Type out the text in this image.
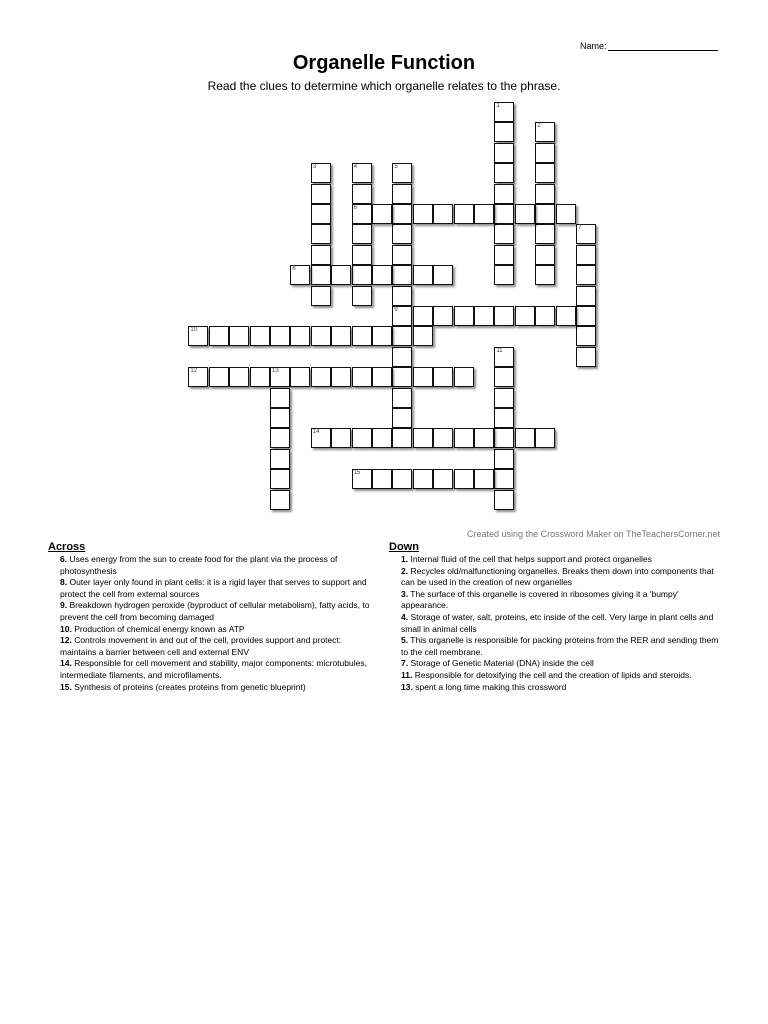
Name:
Organelle Function
Read the clues to determine which organelle relates to the phrase.
1
2
3	4
6
5
9
7
8
10
11
12	13
14
15
Created using the Crossword Maker on TheTeachersCorner.net
Across

6. Uses energy from the sun to create food for the plant via the process of photosynthesis

8. Outer layer only found in plant cells: it is a rigid layer that serves to support and protect the cell from external sources

9. Breakdown hydrogen peroxide (byproduct of cellular metabolism), fatty acids, to prevent the cell from becoming damaged

10. Production of chemical energy known as ATP

12. Controls movement in and out of the cell, provides support and protect: maintains a barrier between cell and external ENV

14. Responsible for cell movement and stability, major components: microtubules, intermediate filaments, and microfilaments.

15. Synthesis of proteins (creates proteins from genetic blueprint)

Down

1. Internal fluid of the cell that helps support and protect organelles

2. Recycles old/malfunctioning organelles. Breaks them down into components that can be used in the creation of new organelles

3. The surface of this organelle is covered in ribosomes giving it a 'bumpy' appearance.

4. Storage of water, salt, proteins, etc inside of the cell. Very large in plant cells and small in animal cells

5. This organelle is responsible for packing proteins from the RER and sending them to the cell membrane.

7. Storage of Genetic Material (DNA) inside the cell

11. Responsible for detoxifying the cell and the creation of lipids and steroids.

13. spent a long time making this crossword
